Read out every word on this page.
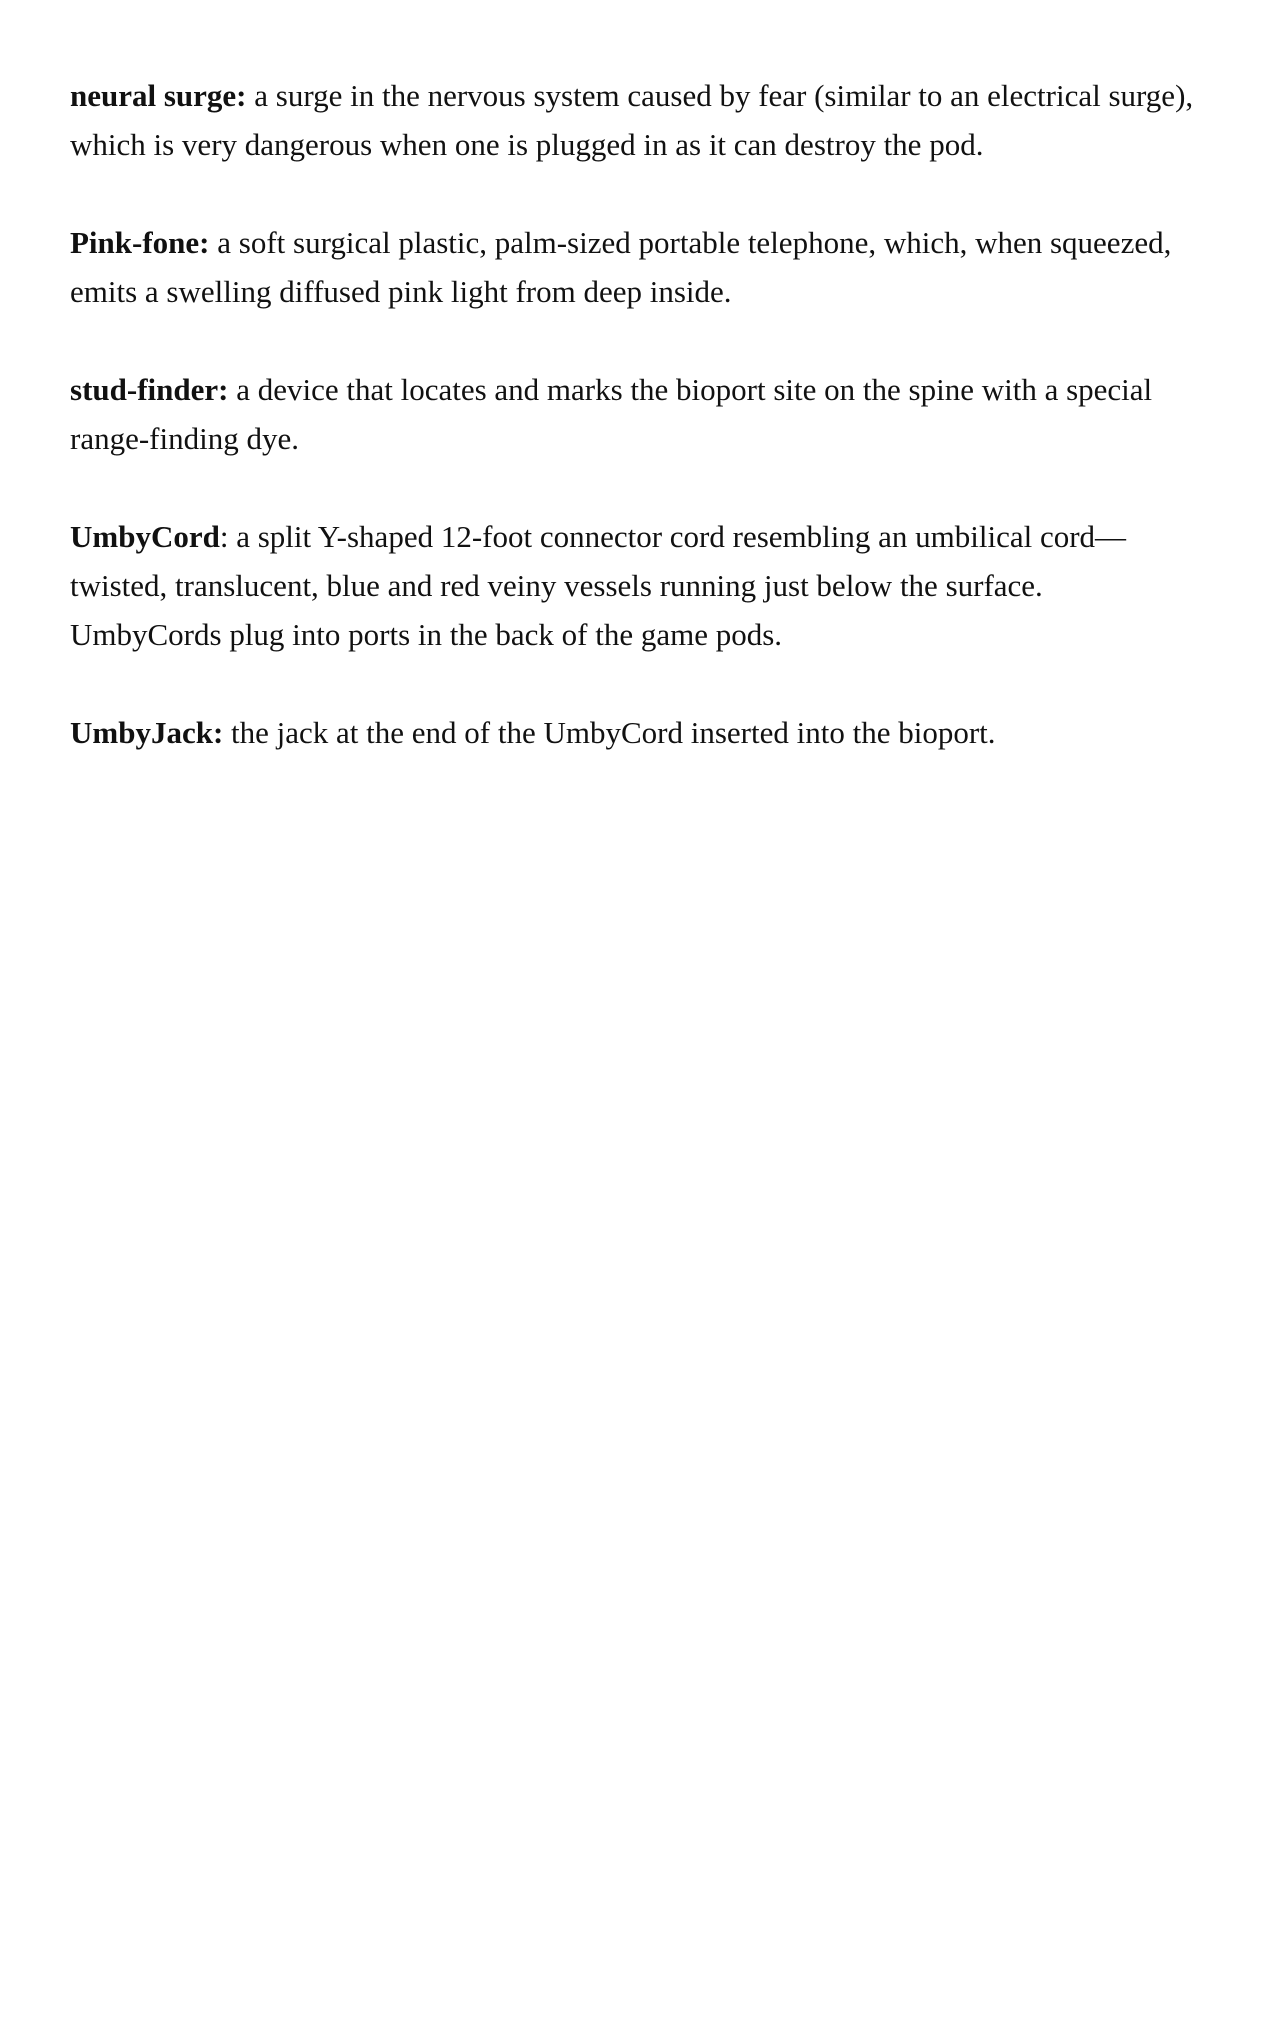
neural surge: a surge in the nervous system caused by fear (similar to an electrical surge), which is very dangerous when one is plugged in as it can destroy the pod.

Pink-fone: a soft surgical plastic, palm-sized portable telephone, which, when squeezed, emits a swelling diffused pink light from deep inside.

stud-finder: a device that locates and marks the bioport site on the spine with a special range-finding dye.

UmbyCord: a split Y-shaped 12-foot connector cord resembling an umbilical cord—twisted, translucent, blue and red veiny vessels running just below the surface. UmbyCords plug into ports in the back of the game pods.

UmbyJack: the jack at the end of the UmbyCord inserted into the bioport.
